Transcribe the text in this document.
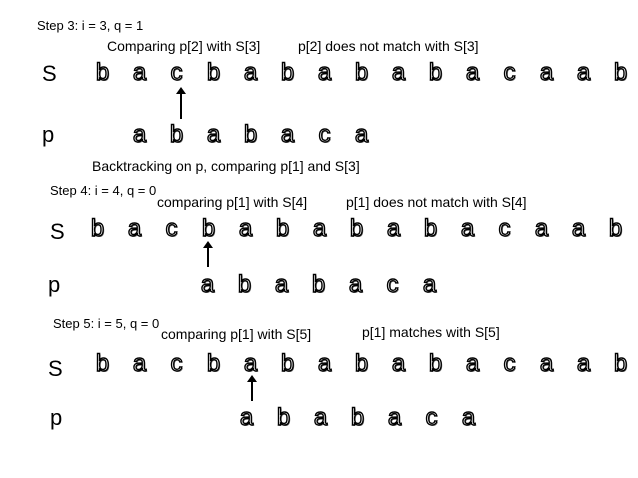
Step 3: i = 3, q = 1
Comparing p[2] with S[3]	p[2] does not match with S[3]
S	b a	c	b a b a b a b a	c	a a b
p	a b a b a	c	a
Backtracking on p, comparing p[1] and S[3]
Step 4: i = 4, q = 0
comparing p[1] with S[4]	p[1] does not match with S[4]
S	b a	c	b a b a b a b a	c	a a b
p	a b a b a	c	a
Step 5: i = 5, q = 0
comparing p[1] with S[5]	p[1] matches with S[5]
S	b a	c	b a b a b a b a	c	a a b
p	a b a b a	c	a
